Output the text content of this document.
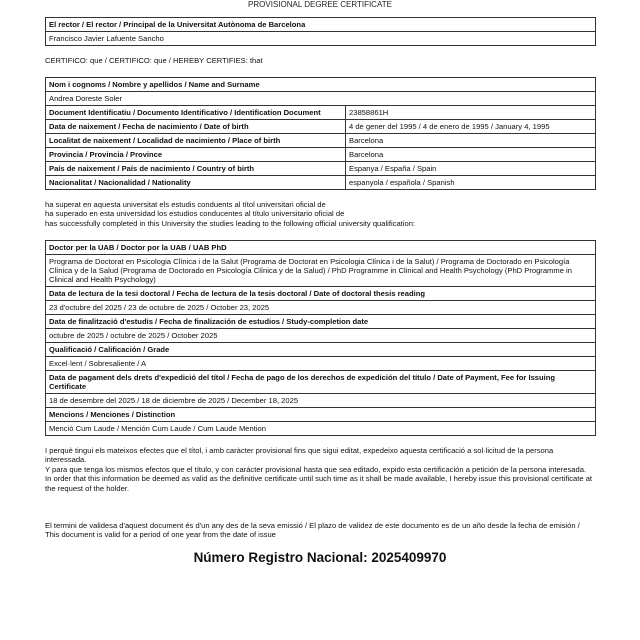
PROVISIONAL DEGREE CERTIFICATE
El rector / El rector / Principal de la Universitat Autònoma de Barcelona
Francisco Javier Lafuente Sancho
CERTIFICO: que / CERTIFICO: que / HEREBY CERTIFIES: that
Nom i cognoms / Nombre y apellidos / Name and Surname	
Andrea Doreste Soler	
Document Identificatiu / Documento Identificativo / Identification Document	23858861H
Data de naixement / Fecha de nacimiento / Date of birth	4 de gener del 1995 / 4 de enero de 1995 / January 4, 1995
Localitat de naixement / Localidad de nacimiento / Place of birth	Barcelona
Provincia / Provincia / Province	Barcelona
País de naixement / País de nacimiento / Country of birth	Espanya / España / Spain
Nacionalitat / Nacionalidad / Nationality	espanyola / española / Spanish

ha superat en aquesta universitat els estudis conduents al títol universitari oficial de

ha superado en esta universidad los estudios conducentes al título universitario oficial de

has successfully completed in this University the studies leading to the following official university qualification:

Doctor per la UAB / Doctor por la UAB / UAB PhD
Programa de Doctorat en Psicologia Clínica i de la Salut (Programa de Doctorat en Psicologia Clínica i de la Salut) / Programa de Doctorado en Psicología Clínica y de la Salud (Programa de Doctorado en Psicología Clínica y de la Salud) / PhD Programme in Clinical and Health Psychology (PhD Programme in Clinical and Health Psychology)
Data de lectura de la tesi doctoral / Fecha de lectura de la tesis doctoral / Date of doctoral thesis reading
23 d'octubre del 2025 / 23 de octubre de 2025 / October 23, 2025
Data de finalització d'estudis / Fecha de finalización de estudios / Study-completion date
octubre de 2025 / octubre de 2025 / October 2025
Qualificació / Calificación / Grade
Excel·lent / Sobresaliente / A
Data de pagament dels drets d'expedició del títol / Fecha de pago de los derechos de expedición del título / Date of Payment, Fee for Issuing Certificate
18 de desembre del 2025 / 18 de diciembre de 2025 / December 18, 2025
Mencions / Menciones / Distinction
Menció Cum Laude / Mención Cum Laude / Cum Laude Mention

I perquè tingui els mateixos efectes que el títol, i amb caràcter provisional fins que sigui editat, expedeixo aquesta certificació a sol·licitud de la persona interessada.

Y para que tenga los mismos efectos que el título, y con carácter provisional hasta que sea editado, expido esta certificación a petición de la persona interesada.

In order that this information be deemed as valid as the definitive certificate until such time as it shall be made available, I hereby issue this provisional certificate at the request of the holder.

El termini de validesa d'aquest document és d'un any des de la seva emissió / El plazo de validez de este documento es de un año desde la fecha de emisión / This document is valid for a period of one year from the date of issue

Número Registro Nacional: 2025409970
